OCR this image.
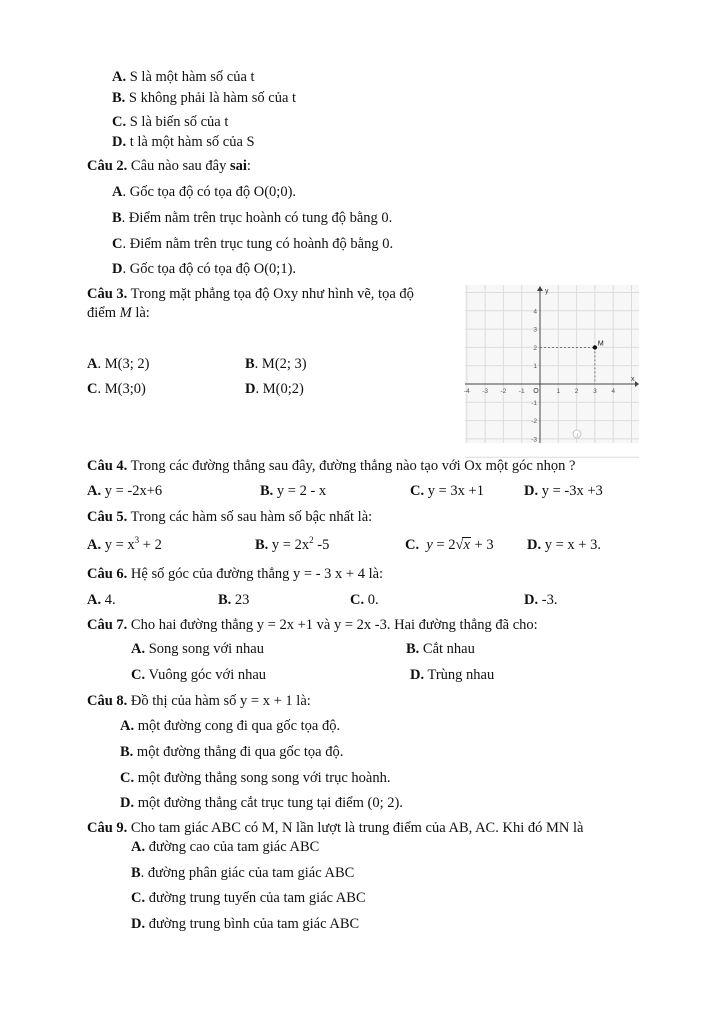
A. S là một hàm số của t
B. S không phải là hàm số của t
C. S là biến số của t
D. t là một hàm số của S
Câu 2. Câu nào sau đây sai:
A. Gốc tọa độ có tọa độ O(0;0).
B. Điểm nằm trên trục hoành có tung độ bằng 0.
C. Điểm nằm trên trục tung có hoành độ bằng 0.
D. Gốc tọa độ có tọa độ O(0;1).
Câu 3. Trong mặt phẳng tọa độ Oxy như hình vẽ, tọa độ
điểm M là:
A. M(3; 2)	B. M(2; 3)
C. M(3;0)	D. M(0;2)
x
y
O
-4 -3 -2 -1	1 2 3 4
4
3
2
1
-1
-2
-3
M
↓
Câu 4. Trong các đường thẳng sau đây, đường thẳng nào tạo với Ox một góc nhọn ?
A. y = -2x+6	B. y = 2 - x	C. y = 3x +1	D. y = -3x +3
Câu 5. Trong các hàm số sau hàm số bậc nhất là:
A. $y = x^3 + 2$	B. $y = 2x^2$ -5	C. y = 2√x + 3 D. y = x + 3.
Câu 6. Hệ số góc của đường thẳng y = - 3 x + 4 là:
A. 4.	B. 23	C. 0.	D. -3.
Câu 7. Cho hai đường thẳng y = 2x +1 và y = 2x -3. Hai đường thẳng đã cho:
A. Song song với nhau	B. Cắt nhau
C. Vuông góc với nhau	D. Trùng nhau
Câu 8. Đồ thị của hàm số y = x + 1 là:
A. một đường cong đi qua gốc tọa độ.
B. một đường thẳng đi qua gốc tọa độ.
C. một đường thẳng song song với trục hoành.
D. một đường thẳng cắt trục tung tại điểm (0; 2).
Câu 9. Cho tam giác ABC có M, N lần lượt là trung điểm của AB, AC. Khi đó MN là
A. đường cao của tam giác ABC
B. đường phân giác của tam giác ABC
C. đường trung tuyến của tam giác ABC
D. đường trung bình của tam giác ABC
